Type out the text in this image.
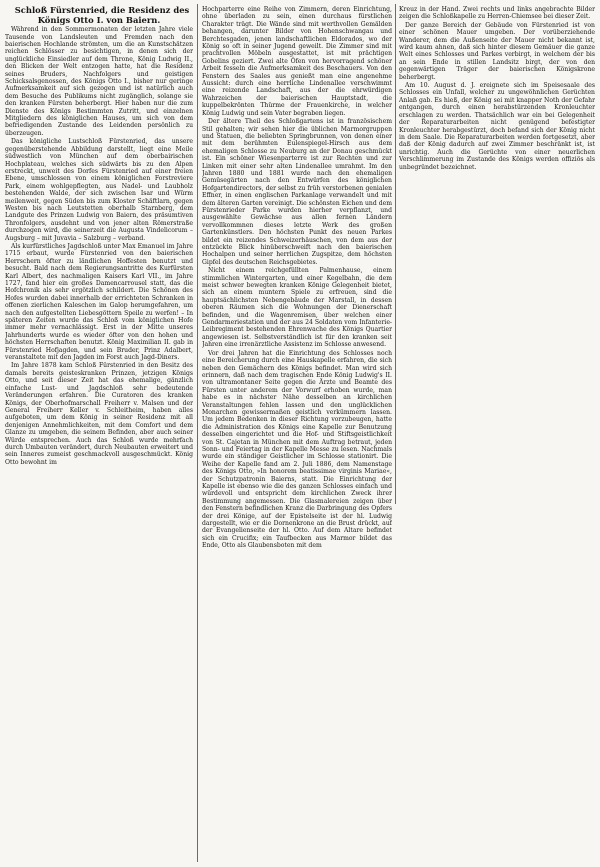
Schloß Fürstenried, die Residenz des Königs Otto I. von Baiern.

Während in den Sommermonaten der letzten Jahre viele Tausende von Landsleuten und Fremden nach den baierischen Hochlande strömten, um die an Kunstschätzen reichen Schlösser zu besichtigen, in denen sich der unglückliche Einsiedler auf dem Throne, König Ludwig II., den Blicken der Welt entzogen hatte, hat die Residenz seines Bruders, Nachfolgers und geistigen Schicksalsgenossen, des Königs Otto I., bisher nur geringe Aufmerksamkeit auf sich gezogen und ist natürlich auch dem Besuche des Publikums nicht zugänglich, solange sie den kranken Fürsten beherbergt. Hier haben nur die zum Dienste des Königs Bestimmten Zutritt, und einzelnen Mitgliedern des königlichen Hauses, um sich von dem befriedigenden Zustande des Leidenden persönlich zu überzeugen.

Das königliche Lustschloß Fürstenried, das unsere gegenüberstehende Abbildung darstellt, liegt eine Meile südwestlich von München auf dem oberbairischen Hochplateau, welches sich südwärts bis zu den Alpen erstreckt, unweit des Dorfes Fürstenried auf einer freien Ebene, umschlossen von einem königlichen Forstreviere Park, einem wohlgepflegten, aus Nadel- und Laubholz bestehenden Walde, der sich zwischen Isar und Würm meilenweit, gegen Süden bis zum Kloster Schäftlarn, gegen Westen bis nach Leutstetten oberhalb Starnberg, dem Landgute des Prinzen Ludwig von Baiern, des präsumtiven Thronfolgers, ausdehnt und von jener alten Römerstraße durchzogen wird, die seinerzeit die Augusta Vindelicorum – Augsburg – mit Juvavia – Salzburg – verband.

Als kurfürstliches Jagdschloß unter Max Emanuel im Jahre 1715 erbaut, wurde Fürstenried von den baierischen Herrschern öfter zu ländlichen Hoffesten benutzt und besucht. Bald nach dem Regierungsantritte des Kurfürsten Karl Albert, des nachmaligen Kaisers Karl VII., im Jahre 1727, fand hier ein großes Damencarrousel statt, das die Hofchronik als sehr ergötzlich schildert. Die Schönen des Hofes wurden dabei innerhalb der errichteten Schranken in offenen zierlichen Kaleschen im Galop herumgefahren, um nach den aufgestellten Liebesgöttern Speile zu werfen! – In späteren Zeiten wurde das Schloß vom königlichen Hofe immer mehr vernachlässigt. Erst in der Mitte unseres Jahrhunderts wurde es wieder öfter von den hohen und höchsten Herrschaften benutzt. König Maximilian II. gab in Fürstenried Hofjagden, und sein Bruder, Prinz Adalbert, veranstaltete mit den Jagden im Forst auch Jagd-Diners.

Im Jahre 1878 kam Schloß Fürstenried in den Besitz des damals bereits geisteskranken Prinzen, jetzigen Königs Otto, und seit dieser Zeit hat das ehemalige, gänzlich einfache Lust- und Jagdschloß sehr bedeutende Veränderungen erfahren. Die Curatoren des kranken Königs, der Oberhofmarschall Freiherr v. Malsen und der General Freiherr Keller v. Schleitheim, haben alles aufgeboten, um dem König in seiner Residenz mit all denjenigen Annehmlichkeiten, mit dem Comfort und dem Glanze zu umgeben, die seinem Befinden, aber auch seiner Würde entsprechen. Auch das Schloß wurde mehrfach durch Umbauten verändert, durch Neubauten erweitert und sein Inneres zumeist geschmackvoll ausgeschmückt. König Otto bewohnt im

Hochparterre eine Reihe von Zimmern, deren Einrichtung, ohne überladen zu sein, einen durchaus fürstlichen Charakter trägt. Die Wände sind mit werthvollen Gemälden behangen, darunter Bilder von Hohenschwangau und Berchtesgaden, jenen landschaftlichen Eldorados, wo der König so oft in seiner Jugend geweilt. Die Zimmer sind mit prachtvollen Möbeln ausgestattet, ist mit prächtigen Gobelins geziert. Zwei alte Öfen von hervorragend schöner Arbeit fesseln die Aufmerksamkeit des Beschauers. Von den Fenstern des Saales aus genießt man eine angenehme Aussicht: durch eine herrliche Lindenallee verschwimmt eine reizende Landschaft, aus der die ehrwürdigen Wahrzeichen der baierischen Hauptstadt, die kuppelbekrönten Thürme der Frauenkirche, in welcher König Ludwig und sein Vater begraben liegen.

Der ältere Theil des Schloßgartens ist in französischem Stil gehalten; wir sehen hier die üblichen Marmorgruppen und Statuen, die beliebten Springbrunnen, von denen einer mit dem berühmten Eulenspiegel-Hirsch aus dem ehemaligen Schlosse zu Neuburg an der Donau geschmückt ist. Ein schöner Wiesenparterre ist zur Rechten und zur Linken mit einer sehr alten Lindenallee umrahmt. Im den Jahren 1880 und 1881 wurde nach den ehemaligen Gemüsegärten nach den Entwürfen des königlichen Hofgartendirectors, der selbst zu früh verstorbenen genialen Effner, in einen englischen Parkanlage verwandelt und mit dem älteren Garten vereinigt. Die schönsten Eichen und dem Fürstenrieder Parke wurden hierher verpflanzt, und ausgewählte Gewächse aus allen fernen Ländern vervollkommnen dieses letzte Werk des großen Gartenkünstlers. Den höchsten Punkt des neuen Parkes bildet ein reizendes Schweizerhäuschen, von dem aus der entzückte Blick hinüberschweift nach den baierischen Hochalpen und seiner herrlichen Zugspitze, dem höchsten Gipfel des deutschen Reichsgebietes.

Nicht einem reichgefüllten Palmenhause, einem stimmlichen Wintergarten, und einer Kegelbahn, die dem meist schwer bewegten kranken Könige Gelegenheit bietet, sich an einem muntern Spiele zu erfreuen, sind die hauptsächlichsten Nebengebäude der Marstall, in dessen oberen Räumen sich die Wohnungen der Dienerschaft befinden, und die Wagenremisen, über welchen einer Gendarmeriestation und der aus 24 Soldaten vom Infanterie-Leibregiment bestehenden Ehrenwache des Königs Quartier angewiesen ist. Selbstverständlich ist für den kranken seit Jahren eine irrenärztliche Assistenz im Schlosse anwesend.

Vor drei Jahren hat die Einrichtung des Schlosses noch eine Bereicherung durch eine Hauskapelle erfahren, die sich neben den Gemächern des Königs befindet. Man wird sich erinnern, daß nach dem tragischen Ende König Ludwig's II. von ultramontaner Seite gegen die Ärzte und Beamte des Fürsten unter anderem der Vorwurf erhoben wurde, man habe es in nächster Nähe desselben an kirchlichen Veranstaltungen fehlen lassen und den unglücklichen Monarchen gewissermaßen geistlich verkümmern lassen. Um jedem Bedenken in dieser Richtung vorzubeugen, hatte die Administration des Königs eine Kapelle zur Benutzung desselben eingerichtet und die Hof- und Stiftsgeistlichkeit von St. Cajetan in München mit dem Auftrag betraut, jeden Sonn- und Feiertag in der Kapelle Messe zu lesen. Nachmals wurde ein ständiger Geistlicher im Schlosse stationirt. Die Weihe der Kapelle fand am 2. Juli 1886, dem Namenstage des Königs Otto, »In honorem beatissimae virginis Mariae«, der Schutzpatronin Baierns, statt. Die Einrichtung der Kapelle ist ebenso wie die des ganzen Schlosses einfach und würdevoll und entspricht dem kirchlichen Zweck ihrer Bestimmung angemessen. Die Glasmalereien zeigen über den Fenstern befindlichen Kranz die Darbringung des Opfers der drei Könige, auf der Epistelseite ist der hl. Ludwig dargestellt, wie er die Dornenkrone an die Brust drückt, auf der Evangelienseite der hl. Otto. Auf dem Altare befindet sich ein Crucifix; ein Taufbecken aus Marmor bildet das Ende, Otto als Glaubensboten mit dem

Kreuz in der Hand. Zwei rechts und links angebrachte Bilder zeigen die Schloßkapelle zu Herren-Chiemsee bei dieser Zeit.

Der ganze Bereich der Gebäude von Fürstenried ist von einer schönen Mauer umgeben. Der vorüberziehende Wanderer, dem die Außenseite der Mauer nicht bekannt ist, wird kaum ahnen, daß sich hinter diesem Gemäuer die ganze Welt eines Schlosses und Parkes verbirgt, in welchem der bis an sein Ende in stillen Landsitz birgt, der von den gegenwärtigen Träger der baierischen Königskrone beherbergt.

Am 10. August d. J. ereignete sich im Speisesaale des Schlosses ein Unfall, welcher zu ungewöhnlichen Gerüchten Anlaß gab. Es hieß, der König sei mit knapper Noth der Gefahr entgangen, durch einen herabstürzenden Kronleuchter erschlagen zu werden. Thatsächlich war ein bei Gelegenheit der Reparaturarbeiten nicht genügend befestigter Kronleuchter herabgestürzt, doch befand sich der König nicht in dem Saale. Die Reparaturarbeiten werden fortgesetzt, aber daß der König dadurch auf zwei Zimmer beschränkt ist, ist unrichtig. Auch die Gerüchte von einer neuerlichen Verschlimmerung im Zustande des Königs werden offiziös als unbegründet bezeichnet.
